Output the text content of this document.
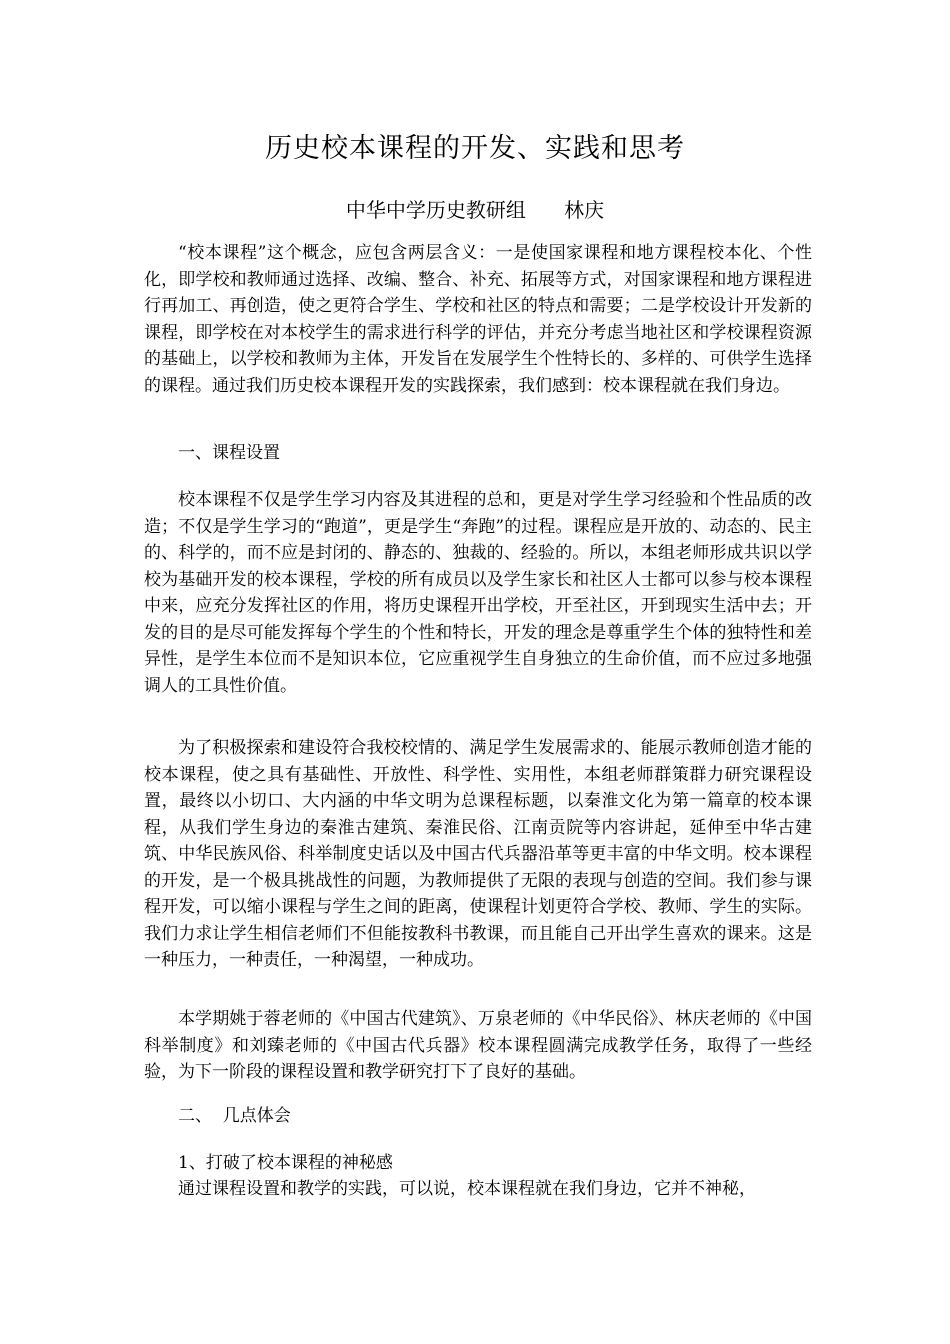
历史校本课程的开发、实践和思考
中华中学历史教研组      林庆

“校本课程”这个概念，应包含两层含义：一是使国家课程和地方课程校本化、个性化，即学校和教师通过选择、改编、整合、补充、拓展等方式，对国家课程和地方课程进行再加工、再创造，使之更符合学生、学校和社区的特点和需要；二是学校设计开发新的课程，即学校在对本校学生的需求进行科学的评估，并充分考虑当地社区和学校课程资源的基础上，以学校和教师为主体，开发旨在发展学生个性特长的、多样的、可供学生选择的课程。通过我们历史校本课程开发的实践探索，我们感到：校本课程就在我们身边。

一、课程设置

校本课程不仅是学生学习内容及其进程的总和，更是对学生学习经验和个性品质的改造；不仅是学生学习的“跑道”，更是学生“奔跑”的过程。课程应是开放的、动态的、民主的、科学的，而不应是封闭的、静态的、独裁的、经验的。所以，本组老师形成共识以学校为基础开发的校本课程，学校的所有成员以及学生家长和社区人士都可以参与校本课程中来，应充分发挥社区的作用，将历史课程开出学校，开至社区，开到现实生活中去；开发的目的是尽可能发挥每个学生的个性和特长，开发的理念是尊重学生个体的独特性和差异性，是学生本位而不是知识本位，它应重视学生自身独立的生命价值，而不应过多地强调人的工具性价值。

为了积极探索和建设符合我校校情的、满足学生发展需求的、能展示教师创造才能的校本课程，使之具有基础性、开放性、科学性、实用性，本组老师群策群力研究课程设置，最终以小切口、大内涵的中华文明为总课程标题，以秦淮文化为第一篇章的校本课程，从我们学生身边的秦淮古建筑、秦淮民俗、江南贡院等内容讲起，延伸至中华古建筑、中华民族风俗、科举制度史话以及中国古代兵器沿革等更丰富的中华文明。校本课程的开发，是一个极具挑战性的问题，为教师提供了无限的表现与创造的空间。我们参与课程开发，可以缩小课程与学生之间的距离，使课程计划更符合学校、教师、学生的实际。我们力求让学生相信老师们不但能按教科书教课，而且能自己开出学生喜欢的课来。这是一种压力，一种责任，一种渴望，一种成功。

本学期姚于蓉老师的《中国古代建筑》、万泉老师的《中华民俗》、林庆老师的《中国科举制度》和刘臻老师的《中国古代兵器》校本课程圆满完成教学任务，取得了一些经验，为下一阶段的课程设置和教学研究打下了良好的基础。

二、  几点体会
1、打破了校本课程的神秘感

通过课程设置和教学的实践，可以说，校本课程就在我们身边，它并不神秘，
